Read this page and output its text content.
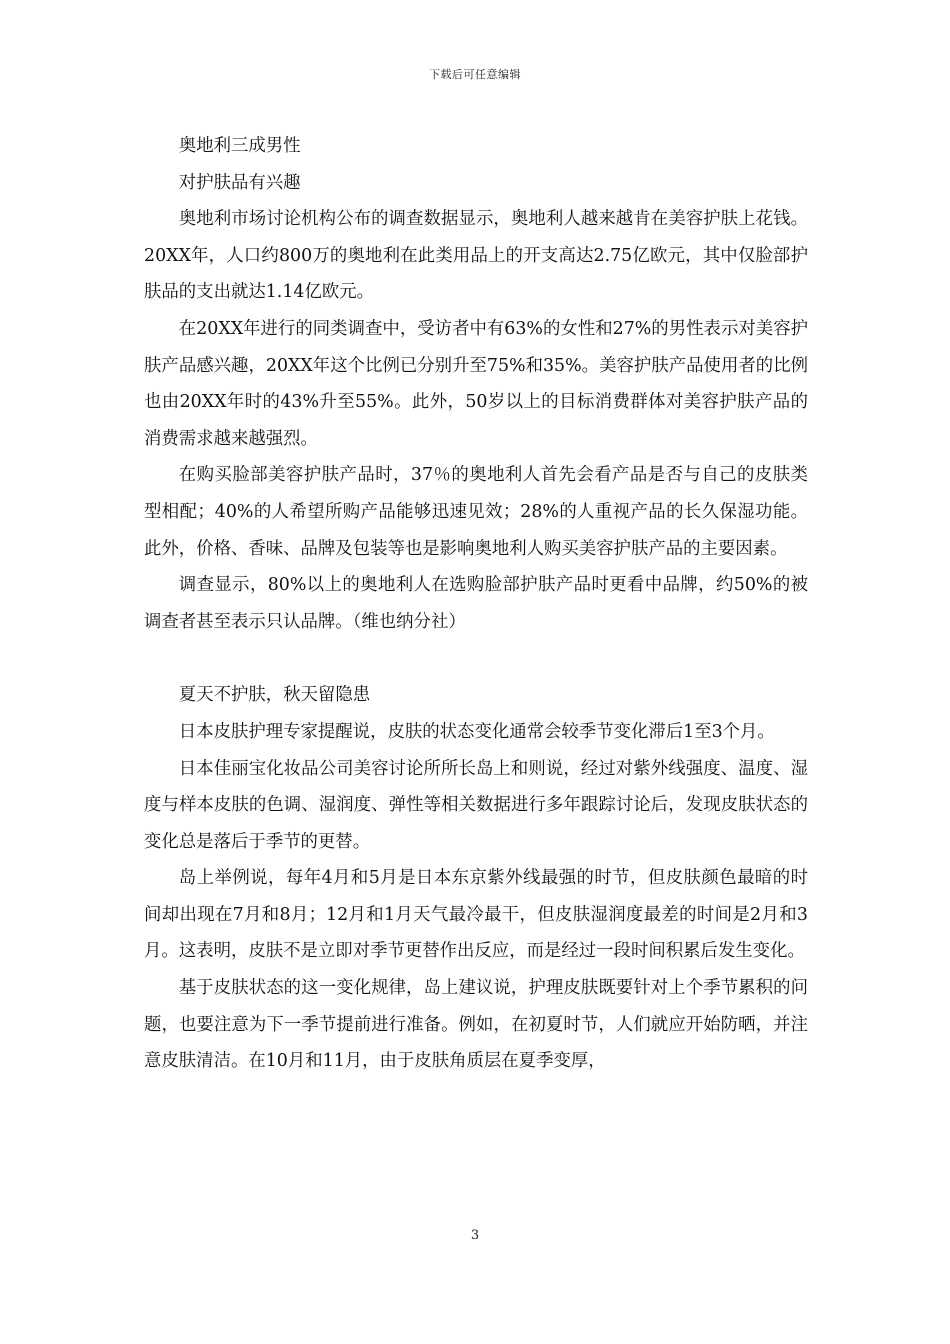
下载后可任意编辑

奥地利三成男性

对护肤品有兴趣

奥地利市场讨论机构公布的调查数据显示，奥地利人越来越肯在美容护肤上花钱。20XX年，人口约800万的奥地利在此类用品上的开支高达2.75亿欧元，其中仅脸部护肤品的支出就达1.14亿欧元。

在20XX年进行的同类调查中，受访者中有63%的女性和27%的男性表示对美容护肤产品感兴趣，20XX年这个比例已分别升至75%和35%。美容护肤产品使用者的比例也由20XX年时的43%升至55%。此外，50岁以上的目标消费群体对美容护肤产品的消费需求越来越强烈。

在购买脸部美容护肤产品时，37％的奥地利人首先会看产品是否与自己的皮肤类型相配；40%的人希望所购产品能够迅速见效；28%的人重视产品的长久保湿功能。此外，价格、香味、品牌及包装等也是影响奥地利人购买美容护肤产品的主要因素。

调查显示，80%以上的奥地利人在选购脸部护肤产品时更看中品牌，约50%的被调查者甚至表示只认品牌。（维也纳分社）

夏天不护肤，秋天留隐患

日本皮肤护理专家提醒说，皮肤的状态变化通常会较季节变化滞后1至3个月。

日本佳丽宝化妆品公司美容讨论所所长岛上和则说，经过对紫外线强度、温度、湿度与样本皮肤的色调、湿润度、弹性等相关数据进行多年跟踪讨论后，发现皮肤状态的变化总是落后于季节的更替。

岛上举例说，每年4月和5月是日本东京紫外线最强的时节，但皮肤颜色最暗的时间却出现在7月和8月；12月和1月天气最冷最干，但皮肤湿润度最差的时间是2月和3月。这表明，皮肤不是立即对季节更替作出反应，而是经过一段时间积累后发生变化。

基于皮肤状态的这一变化规律，岛上建议说，护理皮肤既要针对上个季节累积的问题，也要注意为下一季节提前进行准备。例如，在初夏时节，人们就应开始防晒，并注意皮肤清洁。在10月和11月，由于皮肤角质层在夏季变厚，

3
